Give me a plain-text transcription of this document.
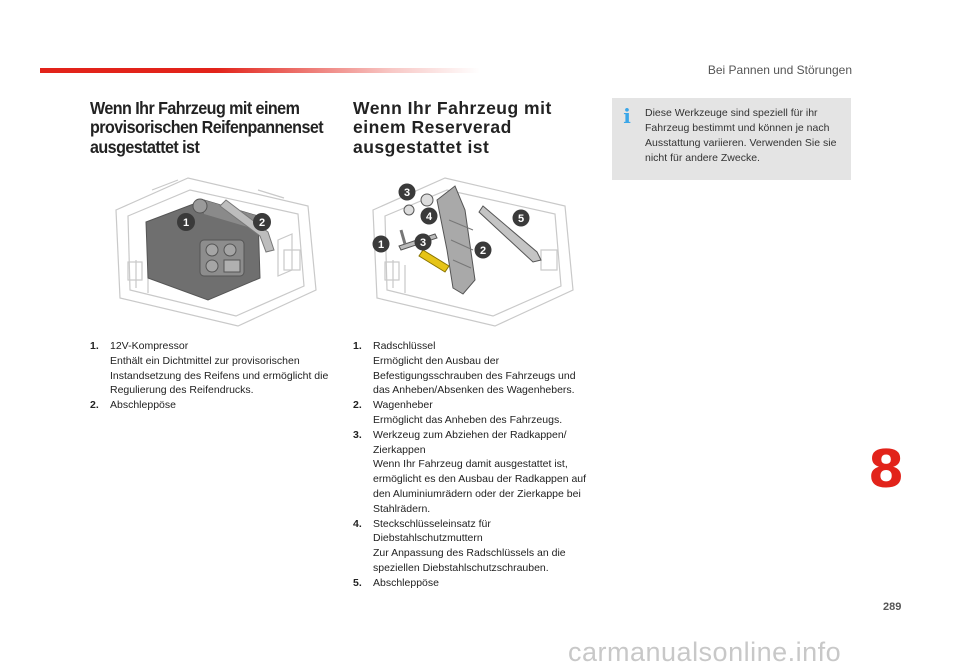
Bei Pannen und Störungen
Wenn Ihr Fahrzeug mit einem provisorischen Reifenpannenset ausgestattet ist
Wenn Ihr Fahrzeug mit einem Reserverad ausgestattet ist
i Diese Werkzeuge sind speziell für ihr Fahrzeug bestimmt und können je nach Ausstattung variieren. Verwenden Sie sie nicht für andere Zwecke.
1	2
3
4	5
1	3
2
1. 12V-Kompressor
Enthält ein Dichtmittel zur provisorischen Instandsetzung des Reifens und ermöglicht die Regulierung des Reifendrucks.
2. Abschleppöse
1. Radschlüssel
Ermöglicht den Ausbau der Befestigungsschrauben des Fahrzeugs und das Anheben/Absenken des Wagenhebers.
2. Wagenheber
Ermöglicht das Anheben des Fahrzeugs.
3. Werkzeug zum Abziehen der Radkappen/
Zierkappen
Wenn Ihr Fahrzeug damit ausgestattet ist, ermöglicht es den Ausbau der Radkappen auf den Aluminiumrädern oder der Zierkappe bei Stahlrädern.
4. Steckschlüsseleinsatz für
Diebstahlschutzmuttern
Zur Anpassung des Radschlüssels an die speziellen Diebstahlschutzschrauben.
5. Abschleppöse
8
289
carmanualsonline.info
